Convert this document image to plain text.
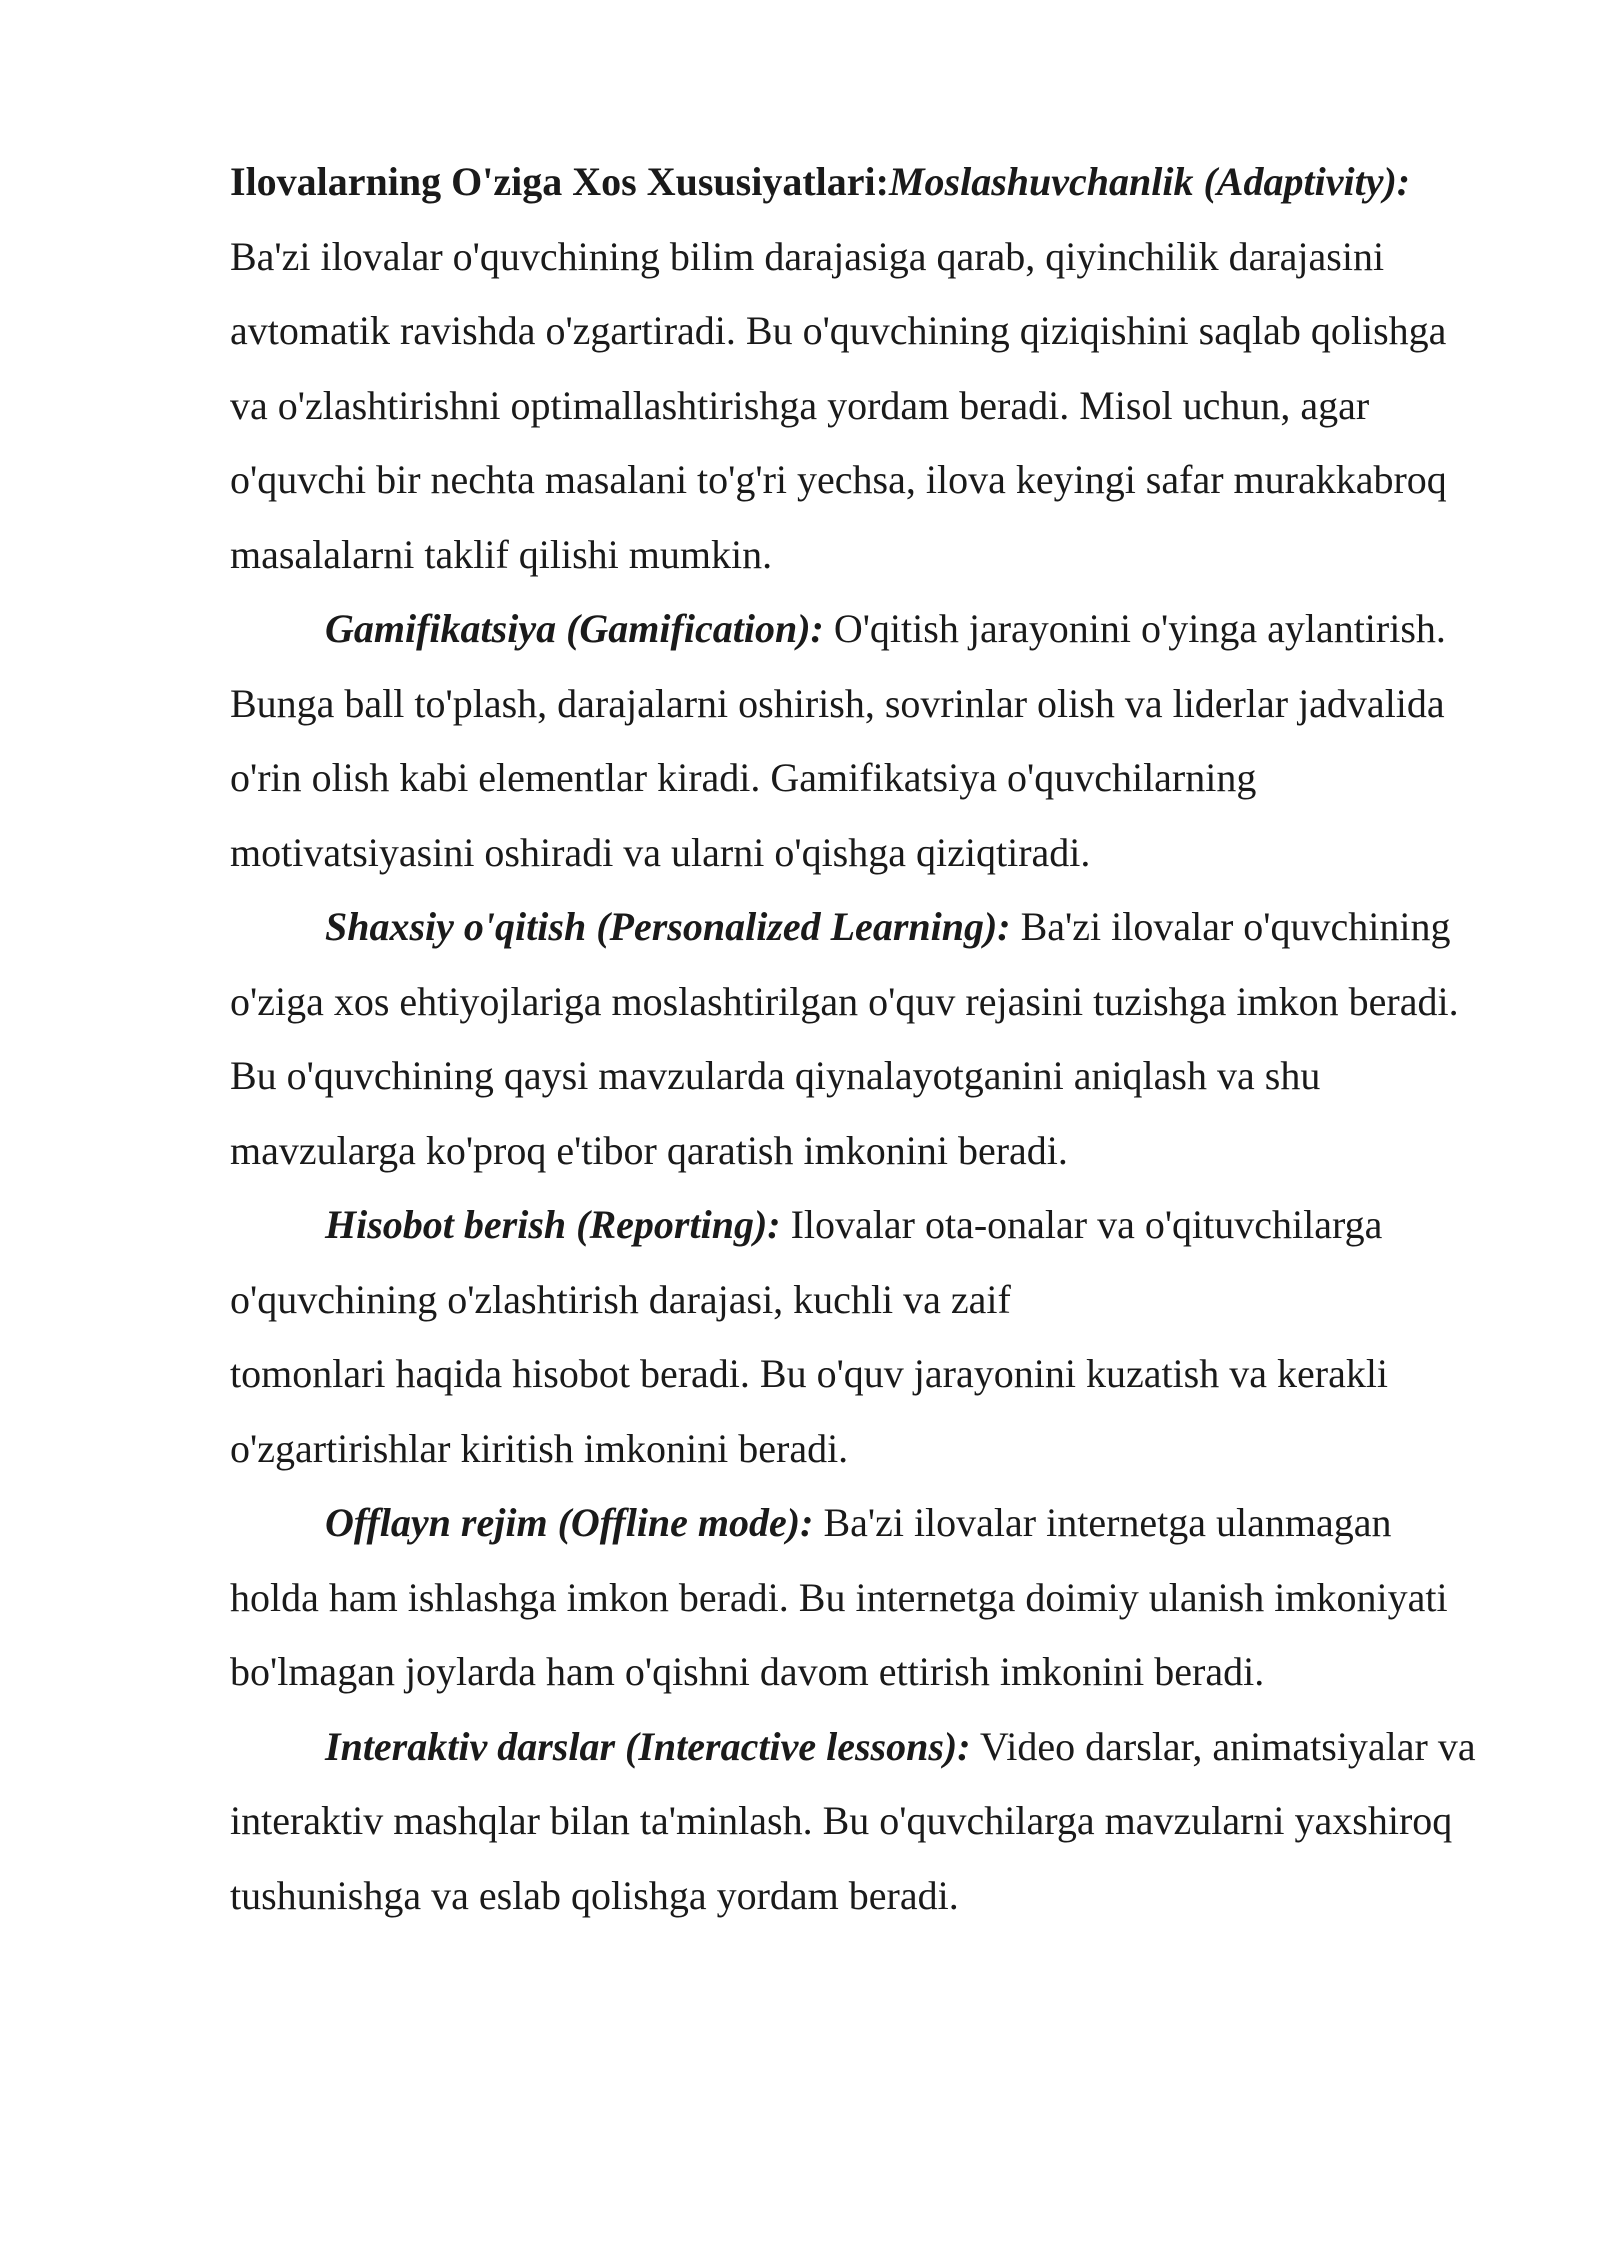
Ilovalarning O'ziga Xos Xususiyatlari:Moslashuvchanlik (Adaptivity): Ba'zi ilovalar o'quvchining bilim darajasiga qarab, qiyinchilik darajasini avtomatik ravishda o'zgartiradi. Bu o'quvchining qiziqishini saqlab qolishga va o'zlashtirishni optimallashtirishga yordam beradi. Misol uchun, agar o'quvchi bir nechta masalani to'g'ri yechsa, ilova keyingi safar murakkabroq masalalarni taklif qilishi mumkin.

Gamifikatsiya (Gamification): O'qitish jarayonini o'yinga aylantirish. Bunga ball to'plash, darajalarni oshirish, sovrinlar olish va liderlar jadvalida o'rin olish kabi elementlar kiradi. Gamifikatsiya o'quvchilarning motivatsiyasini oshiradi va ularni o'qishga qiziqtiradi.

Shaxsiy o'qitish (Personalized Learning): Ba'zi ilovalar o'quvchining o'ziga xos ehtiyojlariga moslashtirilgan o'quv rejasini tuzishga imkon beradi. Bu o'quvchining qaysi mavzularda qiynalayotganini aniqlash va shu mavzularga ko'proq e'tibor qaratish imkonini beradi.

Hisobot berish (Reporting): Ilovalar ota-onalar va o'qituvchilarga o'quvchining o'zlashtirish darajasi, kuchli va zaif
tomonlari haqida hisobot beradi. Bu o'quv jarayonini kuzatish va kerakli o'zgartirishlar kiritish imkonini beradi.

Offlayn rejim (Offline mode): Ba'zi ilovalar internetga ulanmagan holda ham ishlashga imkon beradi. Bu internetga doimiy ulanish imkoniyati bo'lmagan joylarda ham o'qishni davom ettirish imkonini beradi.

Interaktiv darslar (Interactive lessons): Video darslar, animatsiyalar va interaktiv mashqlar bilan ta'minlash. Bu o'quvchilarga mavzularni yaxshiroq tushunishga va eslab qolishga yordam beradi.
